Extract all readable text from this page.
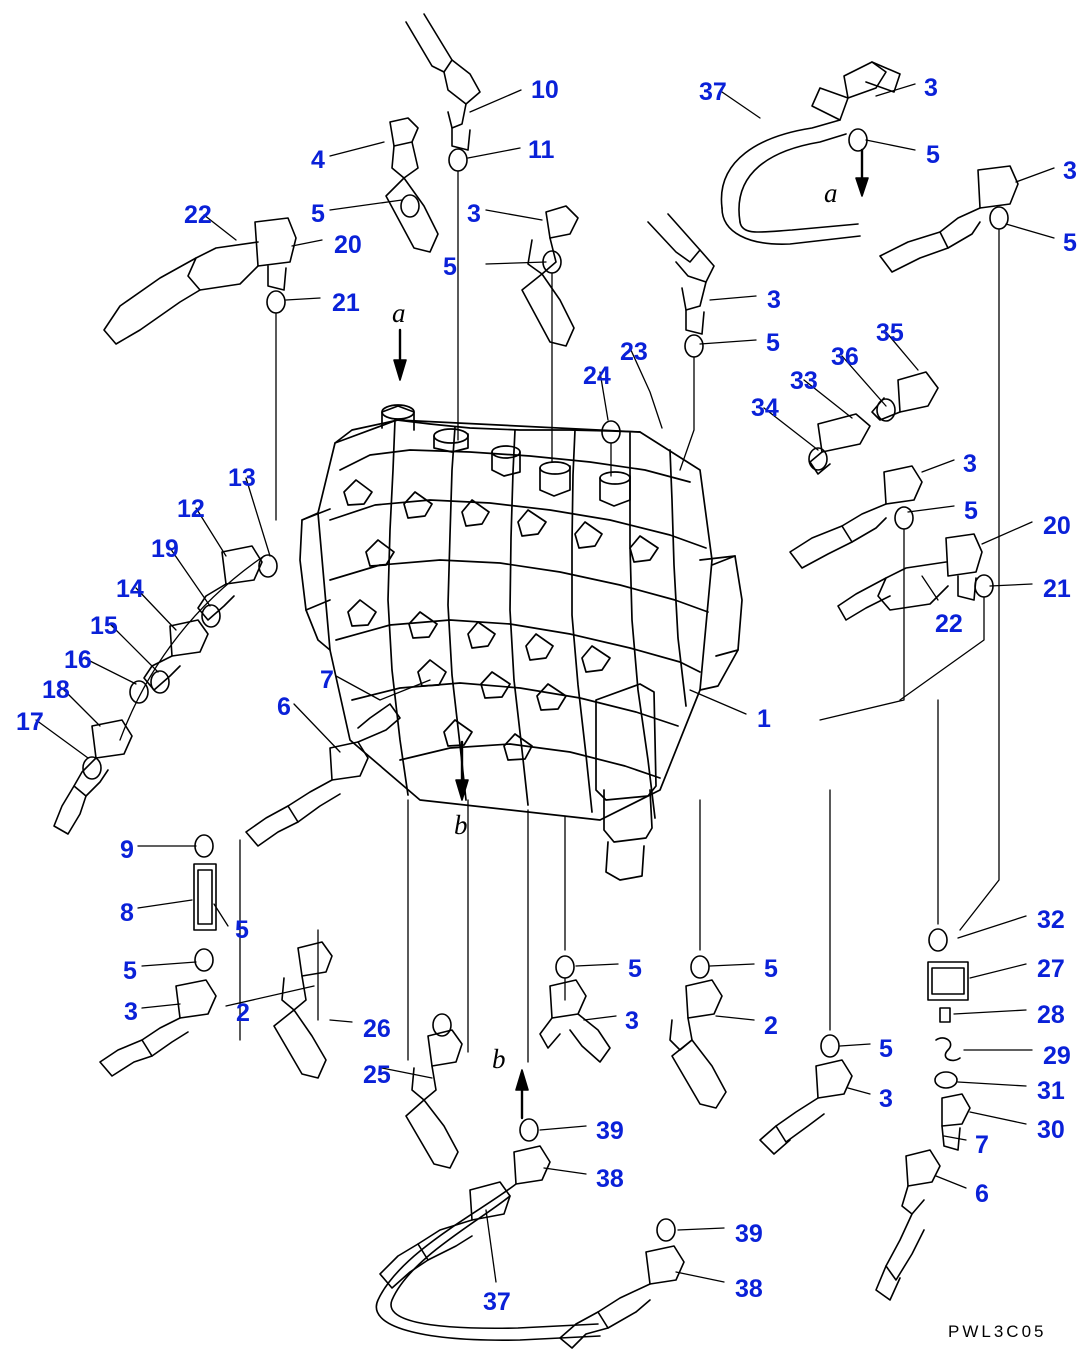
a
a
b
b
10	37	3
11	5
4	3
5	3
22
5
20
5
21	3
23	5	35
36
24	33
34
13	3
12
19
5
20
14	21
15	22
16
7
18
6
17	1
9
8
5	32
5	5	5	27
2
3	28
26	3	2
29
25
5
31
3
30
39	7
38
6
39
37	38
PWL3C05
